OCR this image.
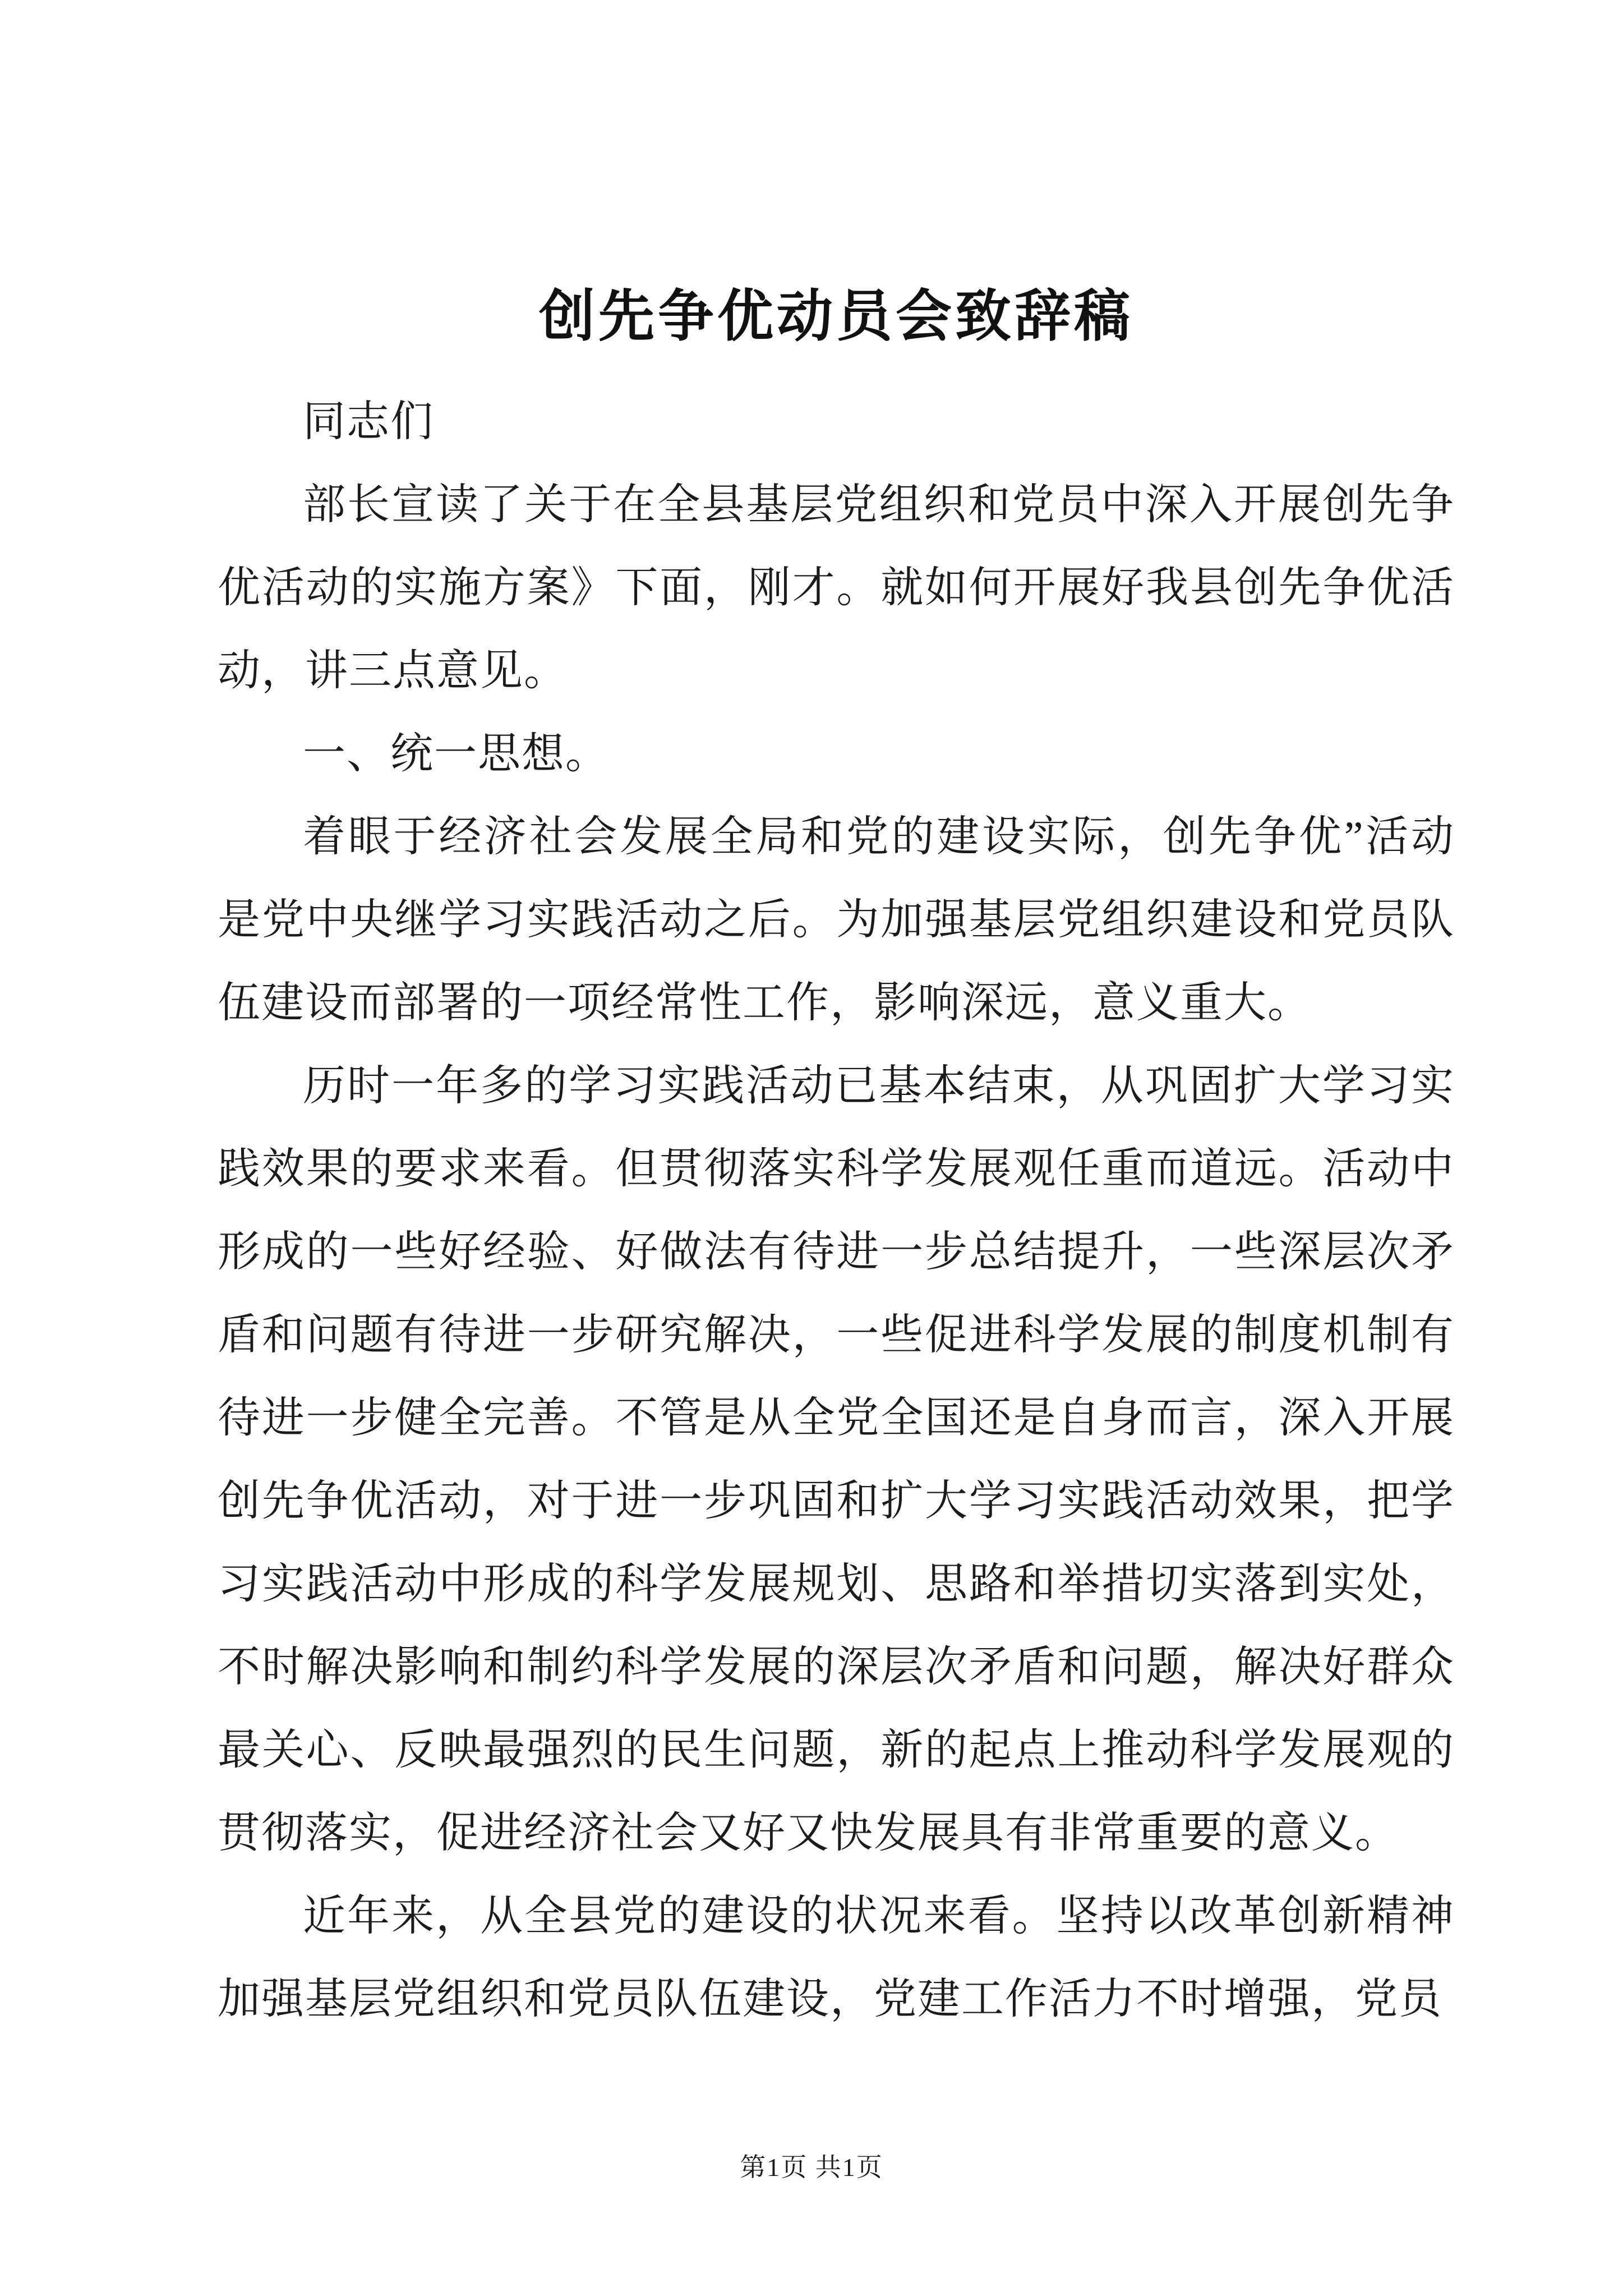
创先争优动员会致辞稿

同志们

部长宣读了关于在全县基层党组织和党员中深入开展创先争优活动的实施方案》下面，刚才。就如何开展好我县创先争优活动，讲三点意见。

一、统一思想。

着眼于经济社会发展全局和党的建设实际，创先争优”活动是党中央继学习实践活动之后。为加强基层党组织建设和党员队伍建设而部署的一项经常性工作，影响深远，意义重大。

历时一年多的学习实践活动已基本结束，从巩固扩大学习实践效果的要求来看。但贯彻落实科学发展观任重而道远。活动中形成的一些好经验、好做法有待进一步总结提升，一些深层次矛盾和问题有待进一步研究解决，一些促进科学发展的制度机制有待进一步健全完善。不管是从全党全国还是自身而言，深入开展创先争优活动，对于进一步巩固和扩大学习实践活动效果，把学习实践活动中形成的科学发展规划、思路和举措切实落到实处，不时解决影响和制约科学发展的深层次矛盾和问题，解决好群众最关心、反映最强烈的民生问题，新的起点上推动科学发展观的贯彻落实，促进经济社会又好又快发展具有非常重要的意义。

近年来，从全县党的建设的状况来看。坚持以改革创新精神加强基层党组织和党员队伍建设，党建工作活力不时增强，党员

第1页 共1页
